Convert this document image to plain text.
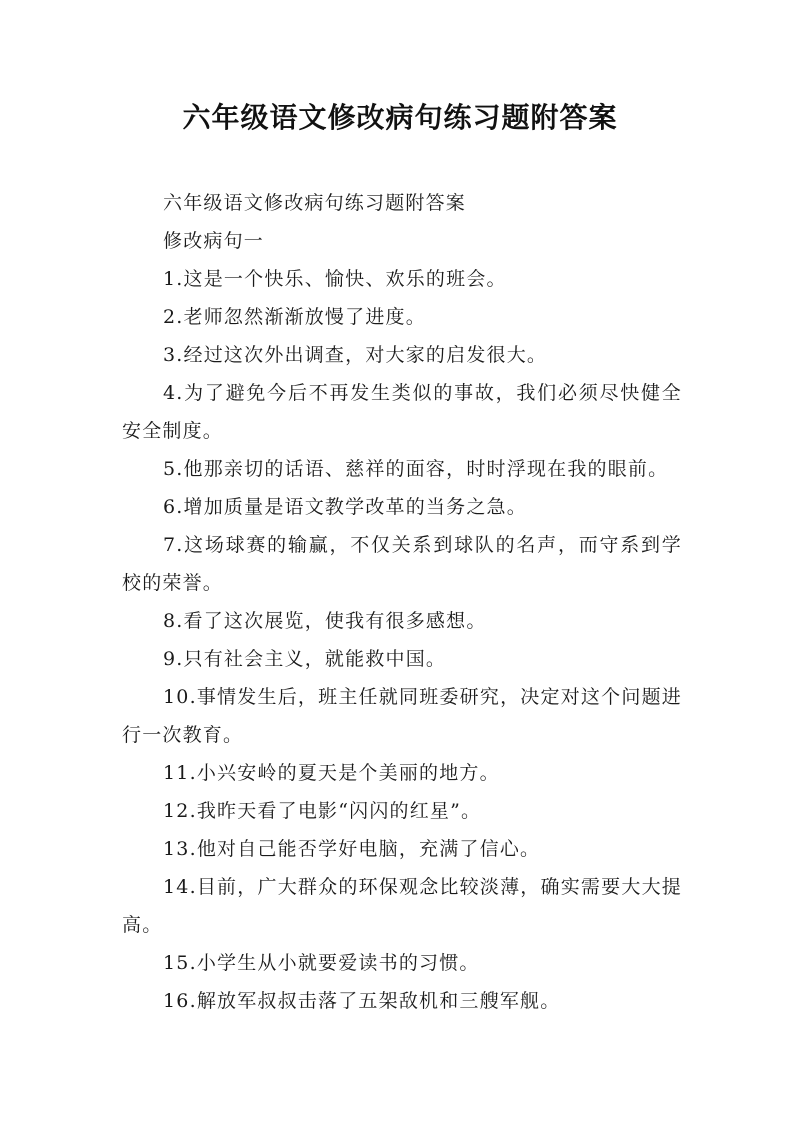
六年级语文修改病句练习题附答案

六年级语文修改病句练习题附答案

修改病句一

1.这是一个快乐、愉快、欢乐的班会。

2.老师忽然渐渐放慢了进度。

3.经过这次外出调查，对大家的启发很大。

4.为了避免今后不再发生类似的事故，我们必须尽快健全安全制度。

5.他那亲切的话语、慈祥的面容，时时浮现在我的眼前。

6.增加质量是语文教学改革的当务之急。

7.这场球赛的输赢，不仅关系到球队的名声，而守系到学校的荣誉。

8.看了这次展览，使我有很多感想。

9.只有社会主义，就能救中国。

10.事情发生后，班主任就同班委研究，决定对这个问题进行一次教育。

11.小兴安岭的夏天是个美丽的地方。

12.我昨天看了电影“闪闪的红星”。

13.他对自己能否学好电脑，充满了信心。

14.目前，广大群众的环保观念比较淡薄，确实需要大大提高。

15.小学生从小就要爱读书的习惯。

16.解放军叔叔击落了五架敌机和三艘军舰。
